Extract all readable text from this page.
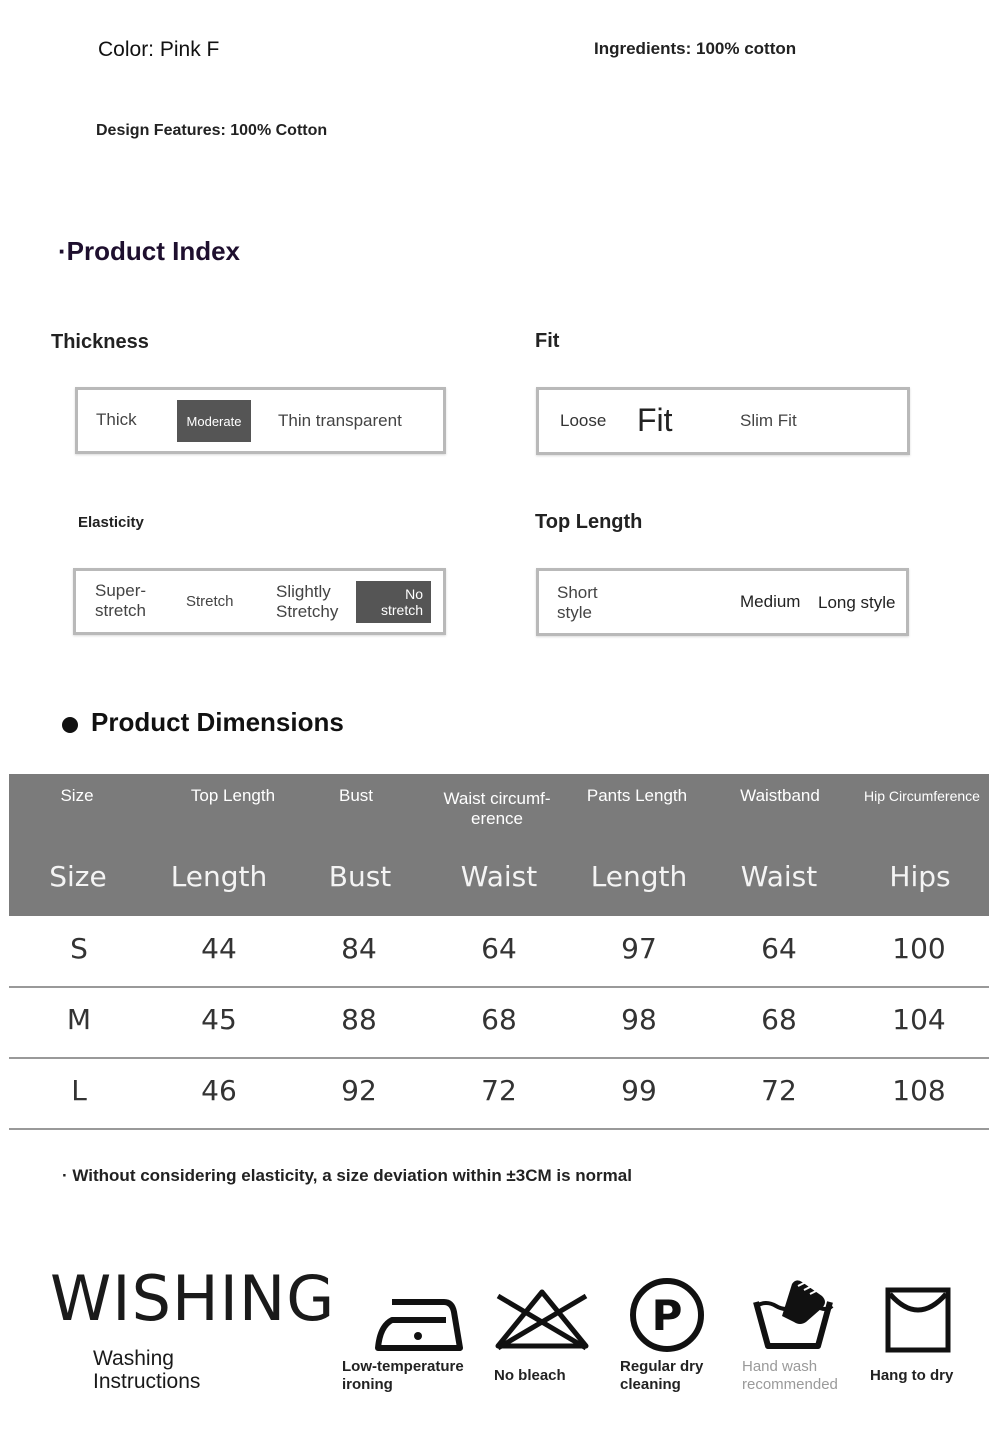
Color: Pink F	Ingredients: 100% cotton
Design Features: 100% Cotton
·Product Index
Thickness
Thick	Moderate	Thin transparent
Fit
Loose Fit	Slim Fit
Elasticity
Super-
stretch	Stretch
Slightly
Stretchy
No
stretch
Top Length
Short
style
Medium Long style
Product Dimensions
Size	Top Length	Bust	Waist circumf-
erence
Pants Length	Waistband	Hip Circumference
Size	Length	Bust	Waist	Length	Waist	Hips
S	44	84	64	97	64	100
M	45	88	68	98	68	104
L	46	92	72	99	72	108
· Without considering elasticity, a size deviation within ±3CM is normal
WISHING
Washing
Instructions
Low-temperature
ironing
No bleach
P
Regular dry
cleaning
Hand wash
recommended
Hang to dry
